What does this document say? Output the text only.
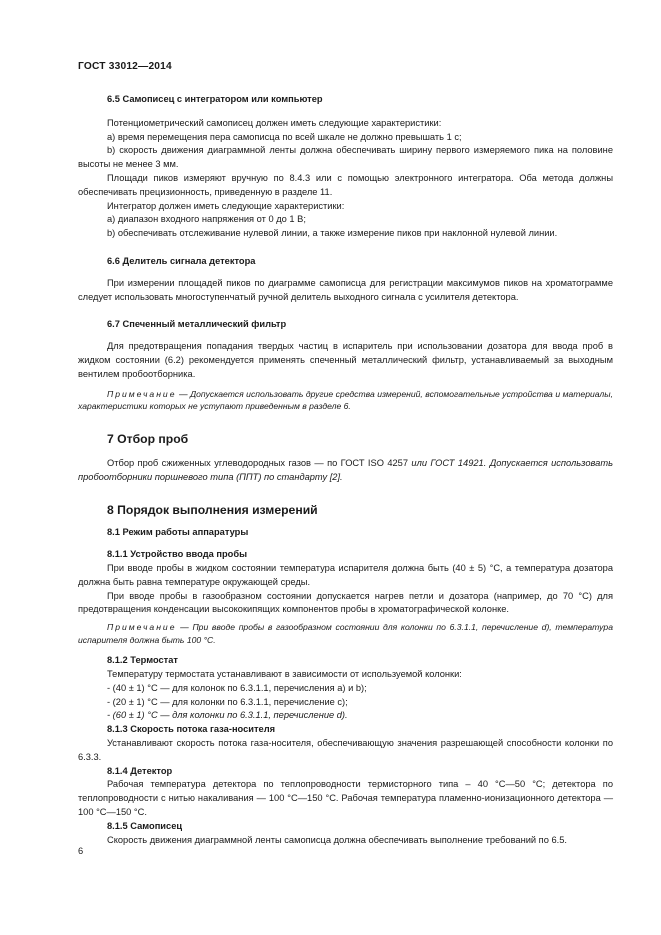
ГОСТ 33012—2014
6.5 Самописец с интегратором или компьютер

Потенциометрический самописец должен иметь следующие характеристики:

a) время перемещения пера самописца по всей шкале не должно превышать 1 с;

b) скорость движения диаграммной ленты должна обеспечивать ширину первого измеряемого пика на половине высоты не менее 3 мм.

Площади пиков измеряют вручную по 8.4.3 или с помощью электронного интегратора. Оба метода должны обеспечивать прецизионность, приведенную в разделе 11.

Интегратор должен иметь следующие характеристики:

a) диапазон входного напряжения от 0 до 1 В;

b) обеспечивать отслеживание нулевой линии, а также измерение пиков при наклонной нулевой линии.

6.6 Делитель сигнала детектора

При измерении площадей пиков по диаграмме самописца для регистрации максимумов пиков на хроматограмме следует использовать многоступенчатый ручной делитель выходного сигнала с усилителя детектора.

6.7 Спеченный металлический фильтр

Для предотвращения попадания твердых частиц в испаритель при использовании дозатора для ввода проб в жидком состоянии (6.2) рекомендуется применять спеченный металлический фильтр, устанавливаемый за выходным вентилем пробоотборника.

Примечание — Допускается использовать другие средства измерений, вспомогательные устройства и материалы, характеристики которых не уступают приведенным в разделе 6.

7 Отбор проб

Отбор проб сжиженных углеводородных газов — по ГОСТ ISO 4257 или ГОСТ 14921. Допускается использовать пробоотборники поршневого типа (ППТ) по стандарту [2].

8 Порядок выполнения измерений
8.1 Режим работы аппаратуры
8.1.1 Устройство ввода пробы

При вводе пробы в жидком состоянии температура испарителя должна быть (40 ± 5) °С, а температура дозатора должна быть равна температуре окружающей среды.

При вводе пробы в газообразном состоянии допускается нагрев петли и дозатора (например, до 70 °С) для предотвращения конденсации высококипящих компонентов пробы в хроматографической колонке.

Примечание — При вводе пробы в газообразном состоянии для колонки по 6.3.1.1, перечисление d), температура испарителя должна быть 100 °С.

8.1.2 Термостат

Температуру термостата устанавливают в зависимости от используемой колонки:

- (40 ± 1) °С — для колонок по 6.3.1.1, перечисления а) и b);

- (20 ± 1) °С — для колонки по 6.3.1.1, перечисление с);

- (60 ± 1) °С — для колонки по 6.3.1.1, перечисление d).

8.1.3 Скорость потока газа-носителя

Устанавливают скорость потока газа-носителя, обеспечивающую значения разрешающей способности колонки по 6.3.3.

8.1.4 Детектор

Рабочая температура детектора по теплопроводности термисторного типа – 40 °С—50 °С; детектора по теплопроводности с нитью накаливания — 100 °С—150 °С. Рабочая температура пламенно-ионизационного детектора — 100 °С—150 °С.

8.1.5 Самописец

Скорость движения диаграммной ленты самописца должна обеспечивать выполнение требований по 6.5.

6
